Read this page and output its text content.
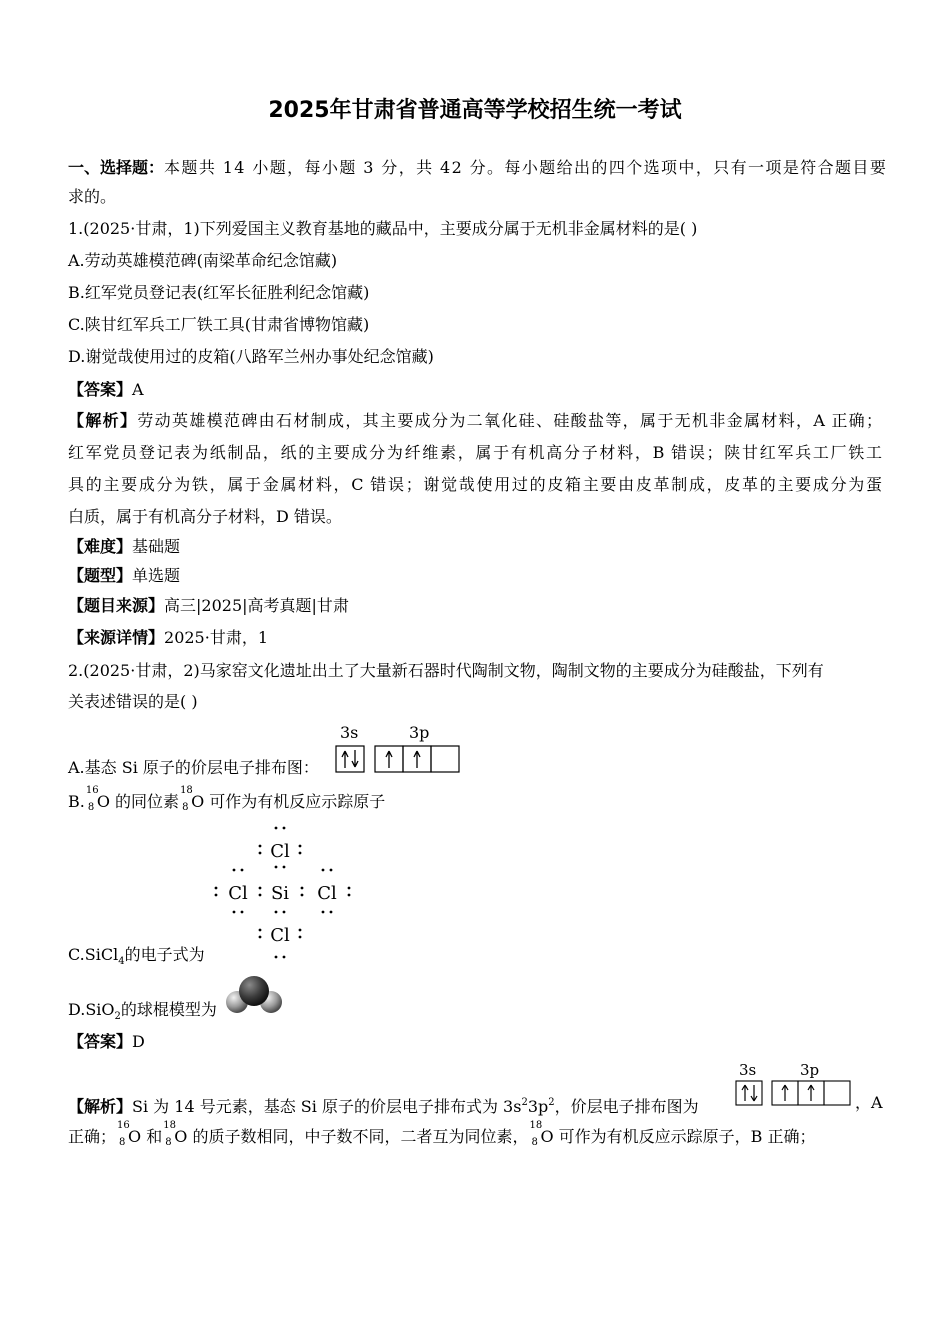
2025年甘肃省普通高等学校招生统一考试
一、选择题：本题共 14 小题，每小题 3 分，共 42 分。每小题给出的四个选项中，只有一项是符合题目要
求的。
1.(2025·甘肃，1)下列爱国主义教育基地的藏品中，主要成分属于无机非金属材料的是( )
A.劳动英雄模范碑(南梁革命纪念馆藏)
B.红军党员登记表(红军长征胜利纪念馆藏)
C.陕甘红军兵工厂铁工具(甘肃省博物馆藏)
D.谢觉哉使用过的皮箱(八路军兰州办事处纪念馆藏)
【答案】A
【解析】劳动英雄模范碑由石材制成，其主要成分为二氧化硅、硅酸盐等，属于无机非金属材料，A 正确；
红军党员登记表为纸制品，纸的主要成分为纤维素，属于有机高分子材料，B 错误；陕甘红军兵工厂铁工
具的主要成分为铁，属于金属材料，C 错误；谢觉哉使用过的皮箱主要由皮革制成，皮革的主要成分为蛋
白质，属于有机高分子材料，D 错误。
【难度】基础题
【题型】单选题
【题目来源】高三|2025|高考真题|甘肃
【来源详情】2025·甘肃，1
2.(2025·甘肃，2)马家窑文化遗址出土了大量新石器时代陶制文物，陶制文物的主要成分为硅酸盐，下列有
关表述错误的是( )
A.基态 Si 原子的价层电子排布图：
3s	3p
B.
16
8 O 的同位素
18
8 O 可作为有机反应示踪原子
Cl
Cl Si Cl
Cl
C.SiCl$_4$的电子式为
D.SiO$_2$的球棍模型为
【答案】D
【解析】Si 为 14 号元素，基态 Si 原子的价层电子排布式为 $3s^23p^2$，价层电子排布图为
3s	3p
，A
正确；
16
8 O 和
18
8 O 的质子数相同，中子数不同，二者互为同位素，
18
8 O 可作为有机反应示踪原子，B 正确；
